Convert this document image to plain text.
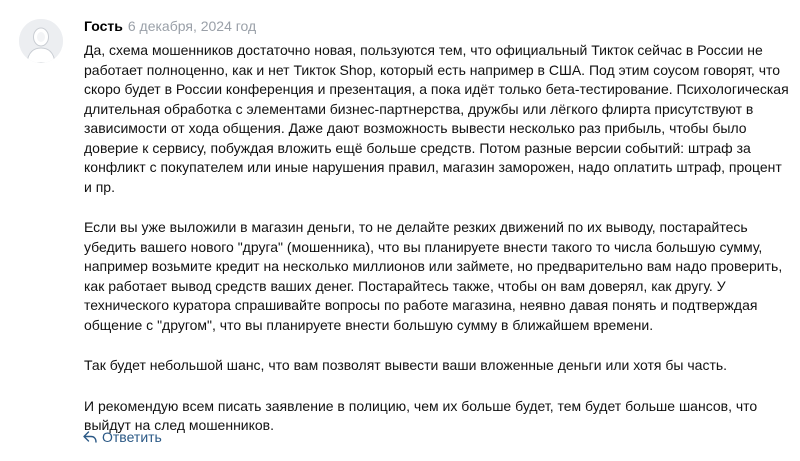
Гость 6 декабря, 2024 год

Да, схема мошенников достаточно новая, пользуются тем, что официальный Тикток сейчас в России не работает полноценно, как и нет Тикток Shop, который есть например в США. Под этим соусом говорят, что скоро будет в России конференция и презентация, а пока идёт только бета-тестирование. Психологическая длительная обработка с элементами бизнес-партнерства, дружбы или лёгкого флирта присутствуют в зависимости от хода общения. Даже дают возможность вывести несколько раз прибыль, чтобы было доверие к сервису, побуждая вложить ещё больше средств. Потом разные версии событий: штраф за конфликт с покупателем или иные нарушения правил, магазин заморожен, надо оплатить штраф, процент и пр.

Если вы уже выложили в магазин деньги, то не делайте резких движений по их выводу, постарайтесь убедить вашего нового "друга" (мошенника), что вы планируете внести такого то числа большую сумму, например возьмите кредит на несколько миллионов или займете, но предварительно вам надо проверить, как работает вывод средств ваших денег. Постарайтесь также, чтобы он вам доверял, как другу. У технического куратора спрашивайте вопросы по работе магазина, неявно давая понять и подтверждая общение с "другом", что вы планируете внести большую сумму в ближайшем времени.

Так будет небольшой шанс, что вам позволят вывести ваши вложенные деньги или хотя бы часть.

И рекомендую всем писать заявление в полицию, чем их больше будет, тем будет больше шансов, что выйдут на след мошенников.

Ответить
